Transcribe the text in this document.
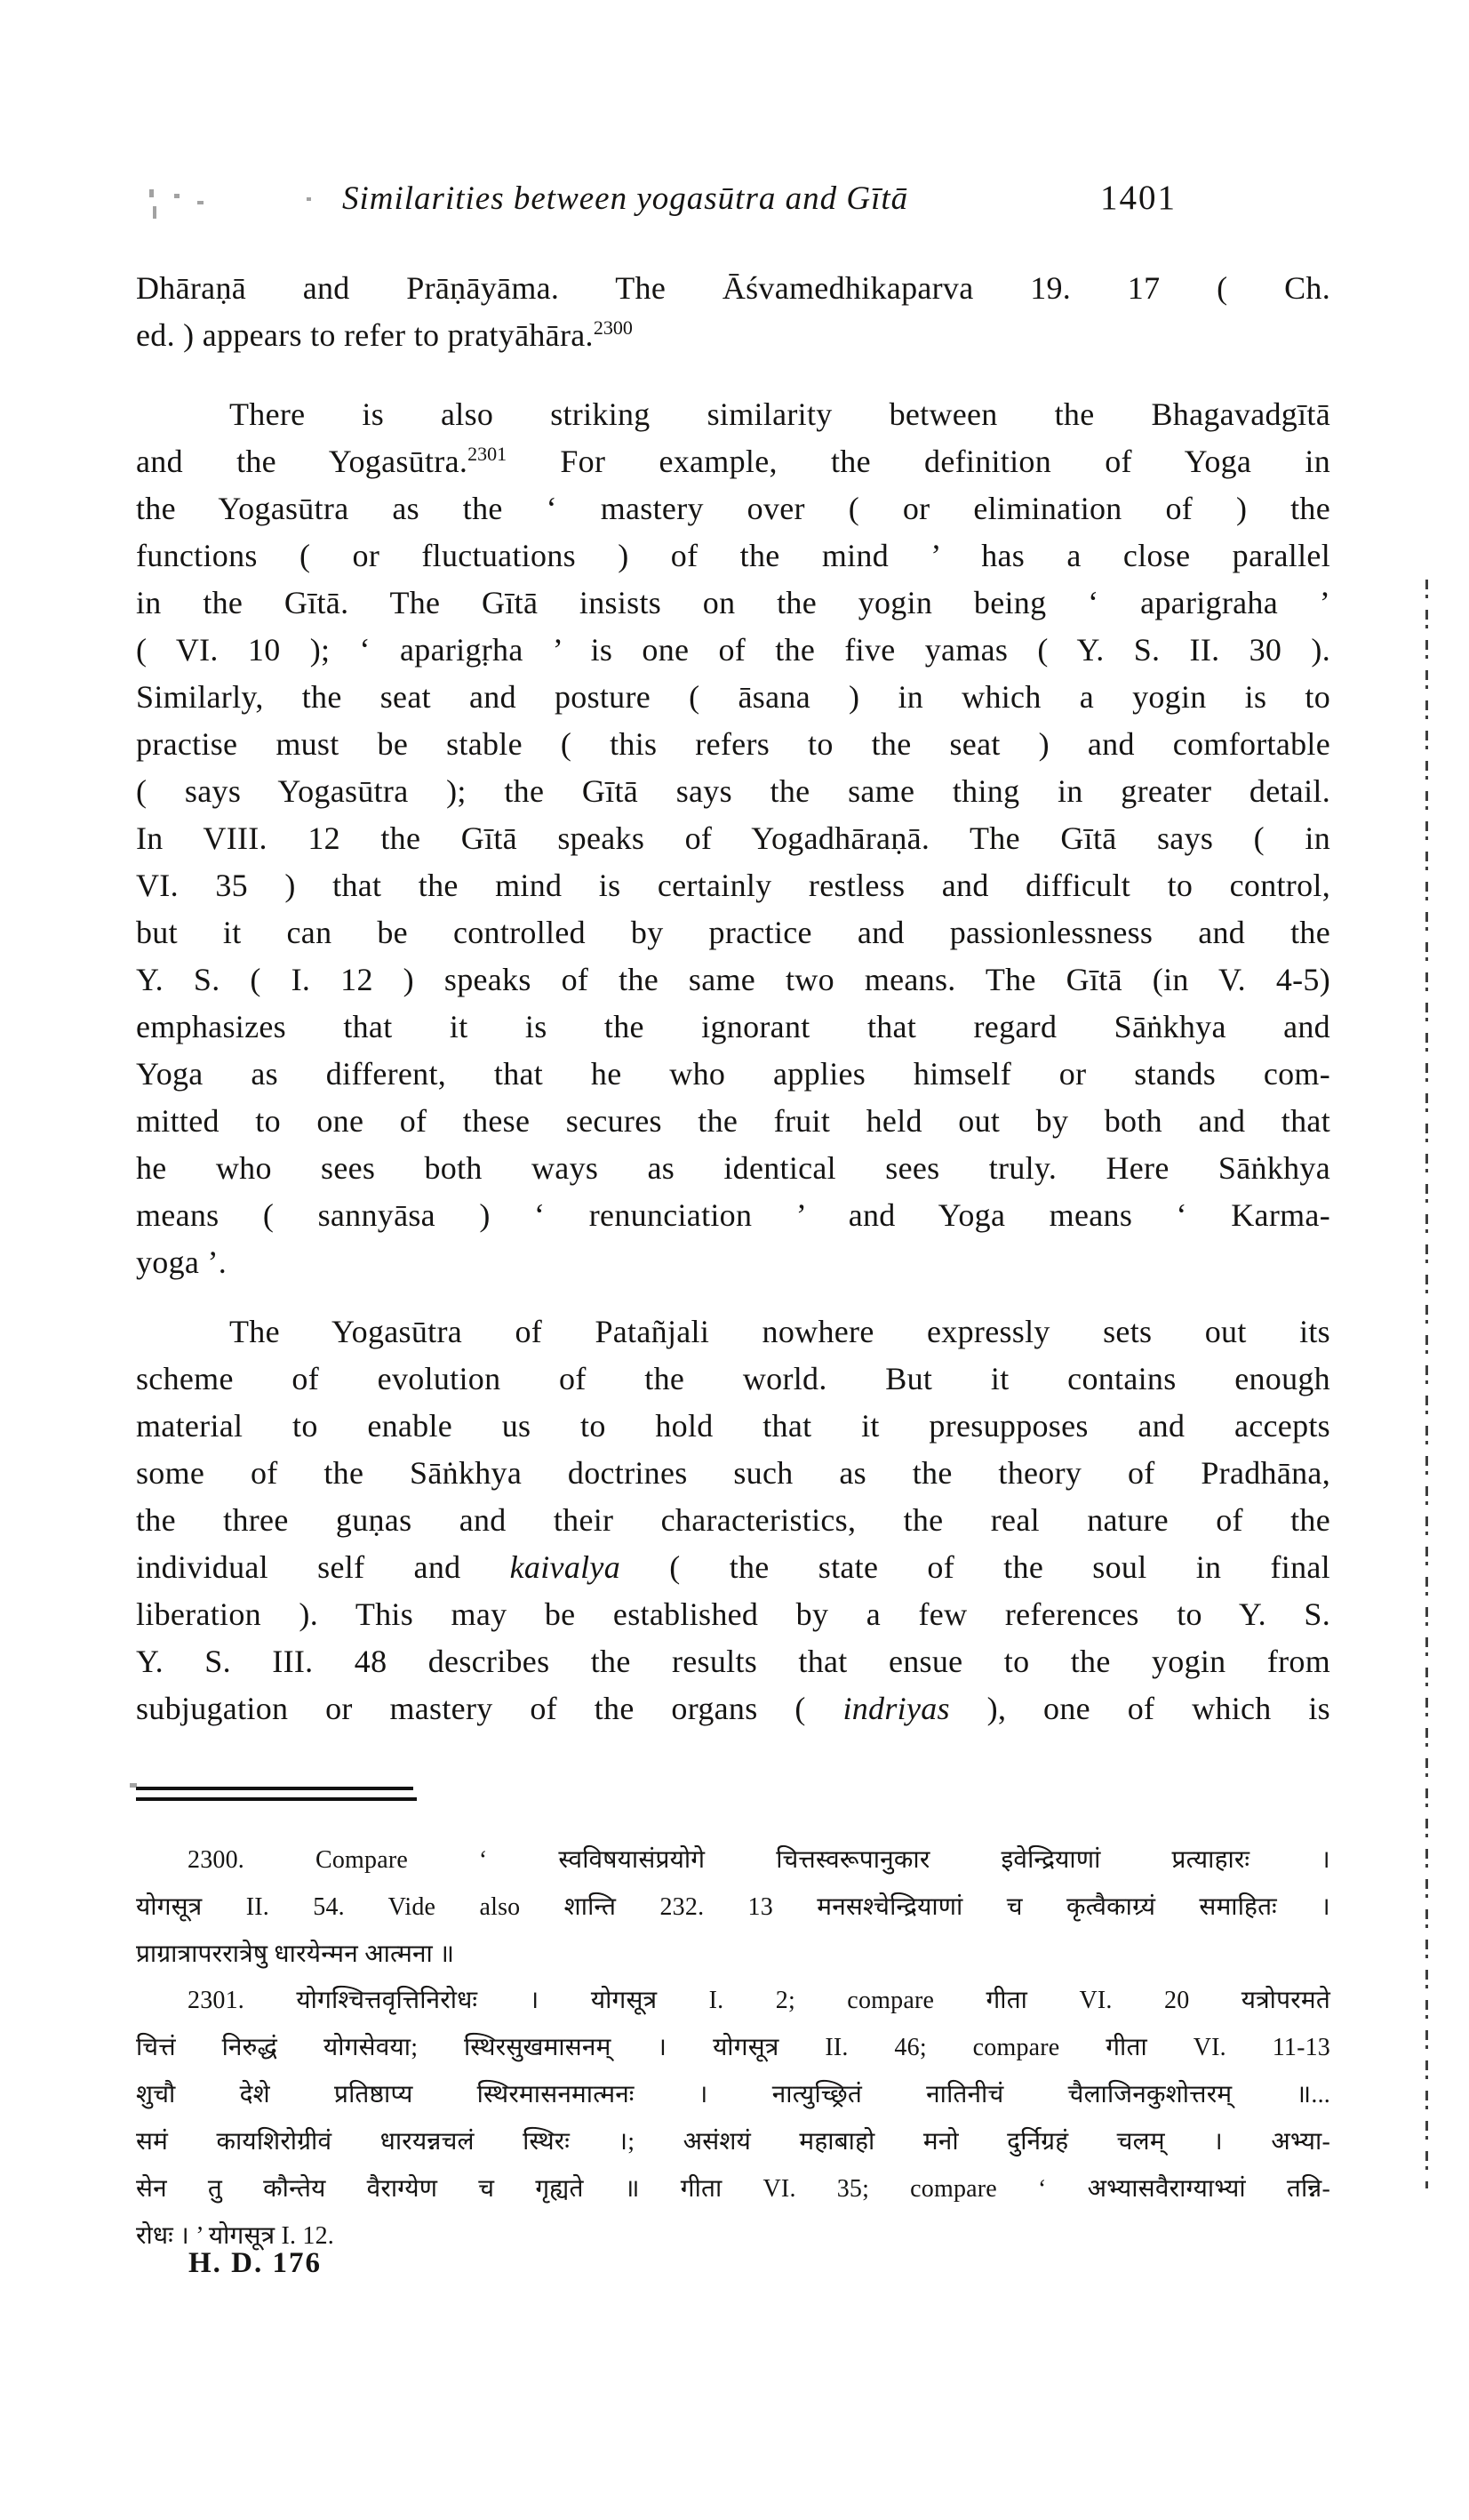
Similarities between yogasūtra and Gītā	1401
Dhāraṇā and Prāṇāyāma. The Āśvamedhikaparva 19. 17 ( Ch.
ed. ) appears to refer to pratyāhāra.$^{2300}$
There is also striking similarity between the Bhagavadgītā
and the Yogasūtra.$^{2301}$ For example, the definition of Yoga in
the Yogasūtra as the ‘ mastery over ( or elimination of ) the
functions ( or fluctuations ) of the mind ’ has a close parallel
in the Gītā. The Gītā insists on the yogin being ‘ aparigraha ’
( VI. 10 ); ‘ aparigṛha ’ is one of the five yamas ( Y. S. II. 30 ).
Similarly, the seat and posture ( āsana ) in which a yogin is to
practise must be stable ( this refers to the seat ) and comfortable
( says Yogasūtra ); the Gītā says the same thing in greater detail.
In VIII. 12 the Gītā speaks of Yogadhāraṇā. The Gītā says ( in
VI. 35 ) that the mind is certainly restless and difficult to control,
but it can be controlled by practice and passionlessness and the
Y. S. ( I. 12 ) speaks of the same two means. The Gītā (in V. 4-5)
emphasizes that it is the ignorant that regard Sāṅkhya and
Yoga as different, that he who applies himself or stands com-
mitted to one of these secures the fruit held out by both and that
he who sees both ways as identical sees truly. Here Sāṅkhya
means ( sannyāsa ) ‘ renunciation ’ and Yoga means ‘ Karma-
yoga ’.
The Yogasūtra of Patañjali nowhere expressly sets out its
scheme of evolution of the world. But it contains enough
material to enable us to hold that it presupposes and accepts
some of the Sāṅkhya doctrines such as the theory of Pradhāna,
the three guṇas and their characteristics, the real nature of the
individual self and kaivalya ( the state of the soul in final
liberation ). This may be established by a few references to Y. S.
Y. S. III. 48 describes the results that ensue to the yogin from
subjugation or mastery of the organs ( indriyas ), one of which is
2300. Compare ‘ स्वविषयासंप्रयोगे चित्तस्वरूपानुकार इवेन्द्रियाणां प्रत्याहारः ।
योगसूत्र II. 54. Vide also शान्ति 232. 13 मनसश्चेन्द्रियाणां च कृत्वैकाग्र्यं समाहितः ।
प्राग्रात्रापररात्रेषु धारयेन्मन आत्मना ॥
2301. योगश्चित्तवृत्तिनिरोधः । योगसूत्र I. 2; compare गीता VI. 20 यत्रोपरमते
चित्तं निरुद्धं योगसेवया; स्थिरसुखमासनम् । योगसूत्र II. 46; compare गीता VI. 11-13
शुचौ देशे प्रतिष्ठाप्य स्थिरमासनमात्मनः । नात्युच्छ्रितं नातिनीचं चैलाजिनकुशोत्तरम् ॥...
समं कायशिरोग्रीवं धारयन्नचलं स्थिरः ।; असंशयं महाबाहो मनो दुर्निग्रहं चलम् । अभ्या-
सेन तु कौन्तेय वैराग्येण च गृह्यते ॥ गीता VI. 35; compare ‘ अभ्यासवैराग्याभ्यां तन्नि-
रोधः । ’ योगसूत्र I. 12.
H. D. 176
